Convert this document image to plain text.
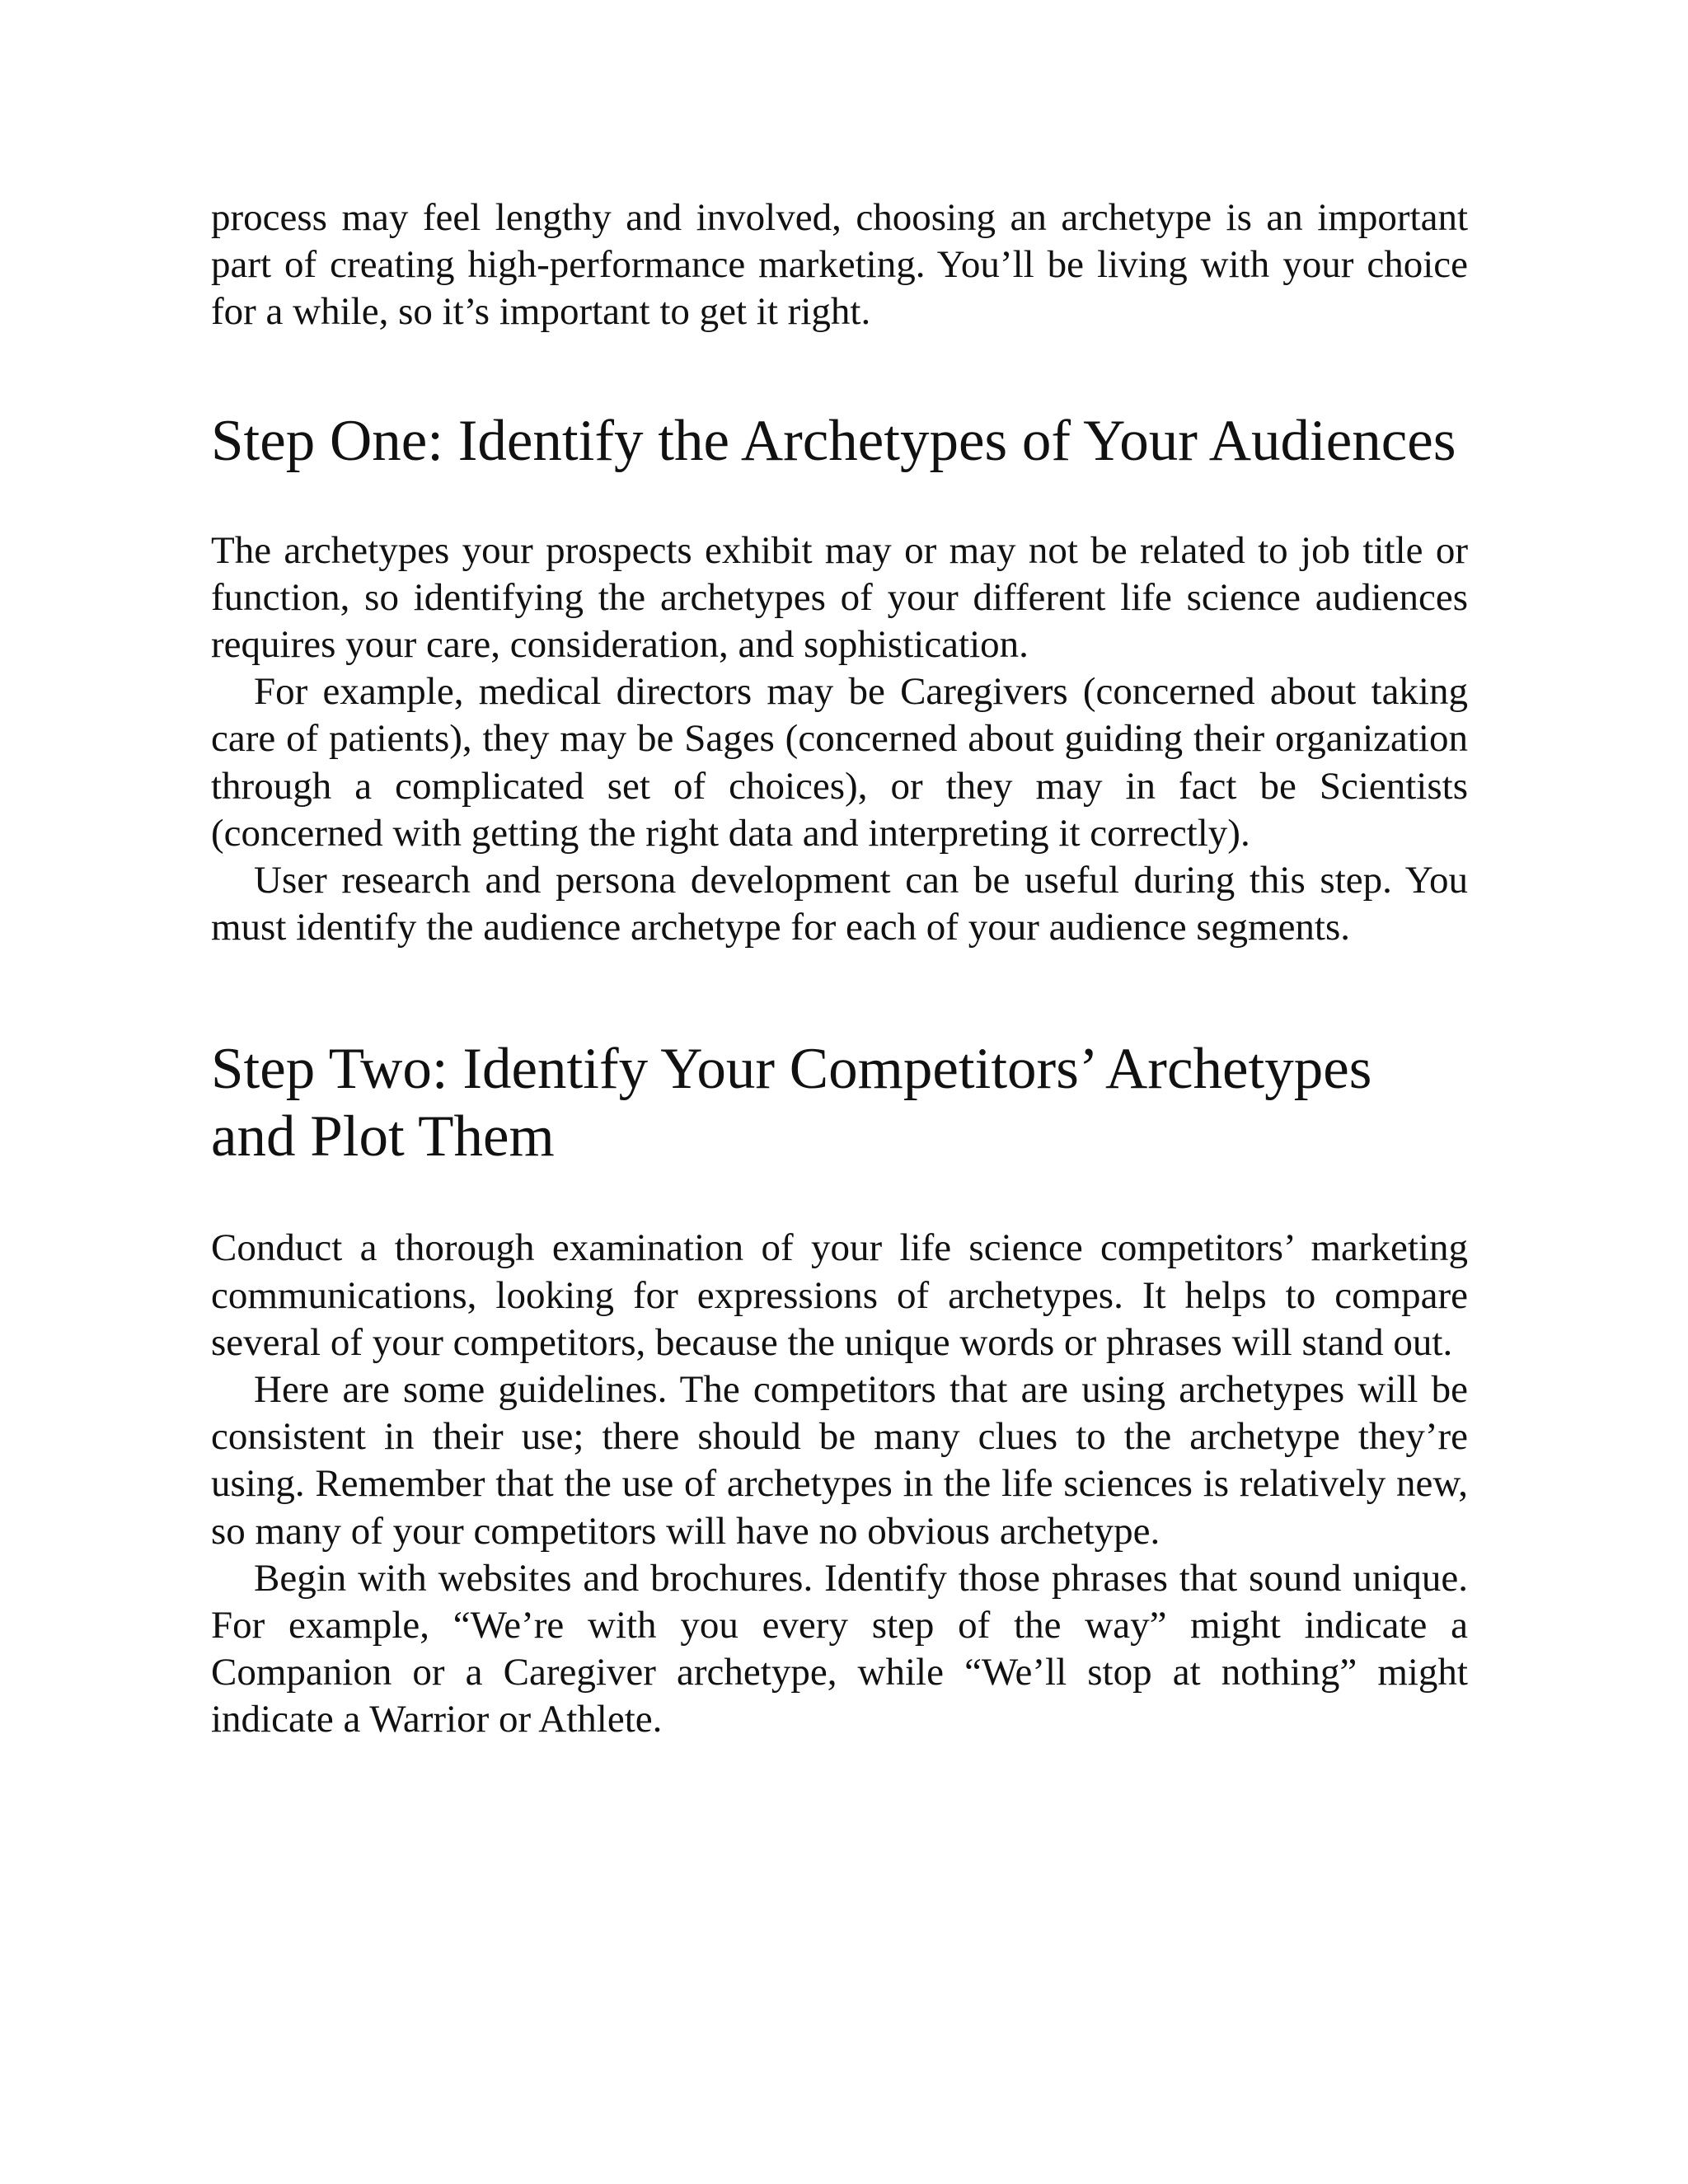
process may feel lengthy and involved, choosing an archetype is an important part of creating high-performance marketing. You’ll be living with your choice for a while, so it’s important to get it right.

Step One: Identify the Archetypes of Your Audiences

The archetypes your prospects exhibit may or may not be related to job title or function, so identifying the archetypes of your different life science audiences requires your care, consideration, and sophistication.

For example, medical directors may be Caregivers (concerned about taking care of patients), they may be Sages (concerned about guiding their organization through a complicated set of choices), or they may in fact be Scientists (concerned with getting the right data and interpreting it correctly).

User research and persona development can be useful during this step. You must identify the audience archetype for each of your audience segments.

Step Two: Identify Your Competitors’ Archetypes and Plot Them

Conduct a thorough examination of your life science competitors’ marketing communications, looking for expressions of archetypes. It helps to compare several of your competitors, because the unique words or phrases will stand out.

Here are some guidelines. The competitors that are using archetypes will be consistent in their use; there should be many clues to the archetype they’re using. Remember that the use of archetypes in the life sciences is relatively new, so many of your competitors will have no obvious archetype.

Begin with websites and brochures. Identify those phrases that sound unique. For example, “We’re with you every step of the way” might indicate a Companion or a Caregiver archetype, while “We’ll stop at nothing” might indicate a Warrior or Athlete.
